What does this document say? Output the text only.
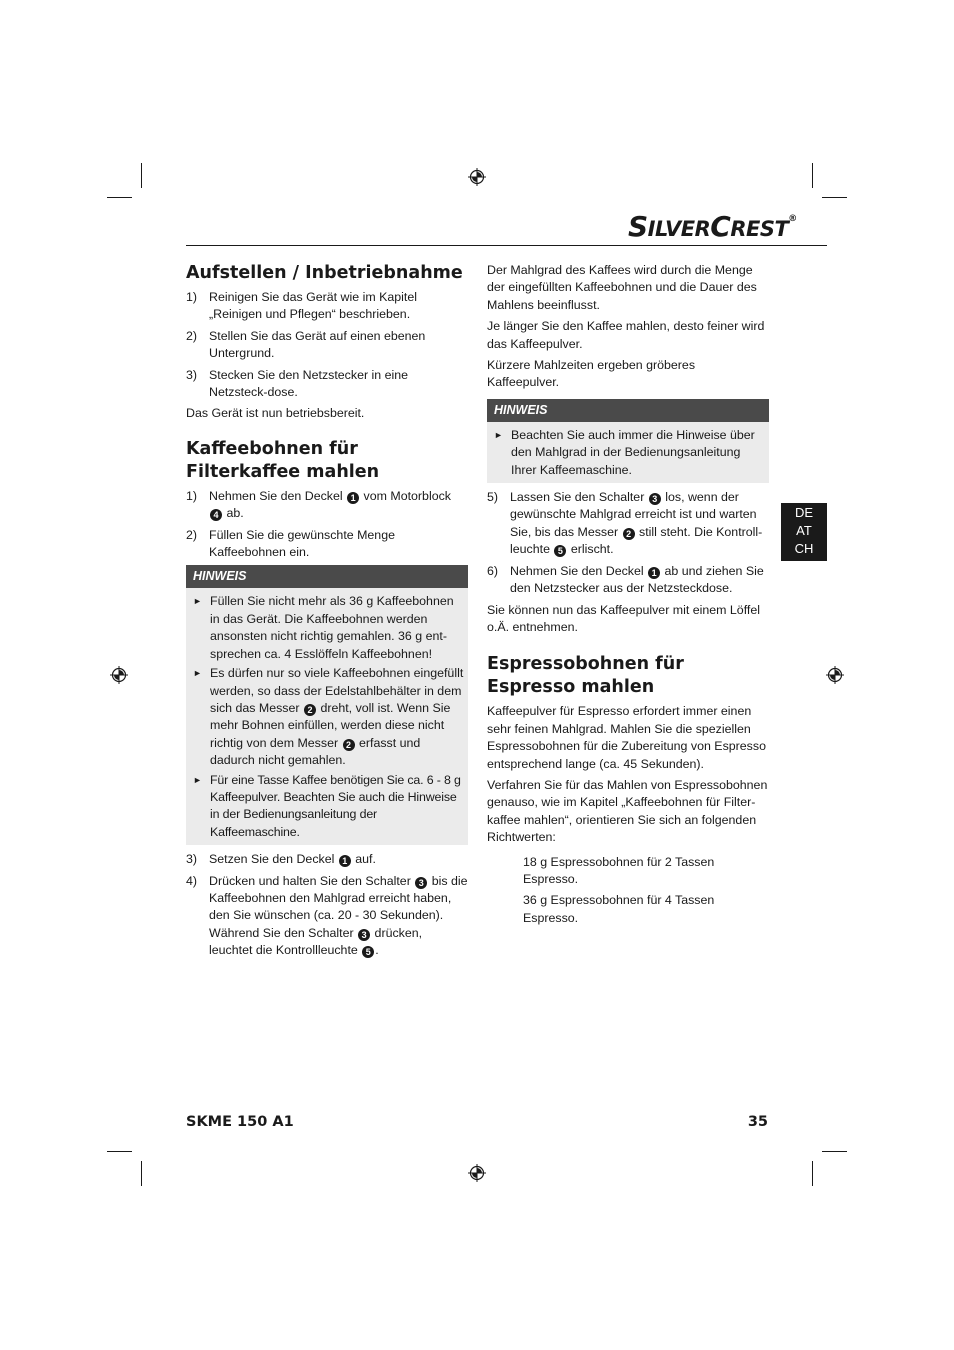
SILVERCREST®
DE
AT
CH
Aufstellen / Inbetriebnahme
1) Reinigen Sie das Gerät wie im Kapitel „Reinigen und Pflegen“ beschrieben.
2) Stellen Sie das Gerät auf einen ebenen Untergrund.
3) Stecken Sie den Netzstecker in eine Netzsteck-dose.

Das Gerät ist nun betriebsbereit.

Kaffeebohnen für Filterkaffee mahlen
1) Nehmen Sie den Deckel 1 vom Motorblock 4 ab.
2) Füllen Sie die gewünschte Menge Kaffeebohnen ein.
HINWEIS
► Füllen Sie nicht mehr als 36 g Kaffeebohnen in das Gerät. Die Kaffeebohnen werden ansonsten nicht richtig gemahlen. 36 g ent-sprechen ca. 4 Esslöffeln Kaffeebohnen!
► Es dürfen nur so viele Kaffeebohnen eingefüllt werden, so dass der Edelstahlbehälter in dem sich das Messer 2 dreht, voll ist. Wenn Sie mehr Bohnen einfüllen, werden diese nicht richtig von dem Messer 2 erfasst und dadurch nicht gemahlen.
► Für eine Tasse Kaffee benötigen Sie ca. 6 - 8 g Kaffeepulver. Beachten Sie auch die Hinweise in der Bedienungsanleitung der Kaffeemaschine.
3) Setzen Sie den Deckel 1 auf.
4) Drücken und halten Sie den Schalter 3 bis die Kaffeebohnen den Mahlgrad erreicht haben, den Sie wünschen (ca. 20 - 30 Sekunden). Während Sie den Schalter 3 drücken, leuchtet die Kontrollleuchte 5 .

Der Mahlgrad des Kaffees wird durch die Menge der eingefüllten Kaffeebohnen und die Dauer des Mahlens beeinflusst.

Je länger Sie den Kaffee mahlen, desto feiner wird das Kaffeepulver.

Kürzere Mahlzeiten ergeben gröberes Kaffeepulver.

HINWEIS
► Beachten Sie auch immer die Hinweise über den Mahlgrad in der Bedienungsanleitung Ihrer Kaffeemaschine.
5) Lassen Sie den Schalter 3 los, wenn der gewünschte Mahlgrad erreicht ist und warten Sie, bis das Messer 2 still steht. Die Kontroll-leuchte 5 erlischt.
6) Nehmen Sie den Deckel 1 ab und ziehen Sie den Netzstecker aus der Netzsteckdose.

Sie können nun das Kaffeepulver mit einem Löffel o.Ä. entnehmen.

Espressobohnen für Espresso mahlen

Kaffeepulver für Espresso erfordert immer einen sehr feinen Mahlgrad. Mahlen Sie die speziellen Espressobohnen für die Zubereitung von Espresso entsprechend lange (ca. 45 Sekunden).

Verfahren Sie für das Mahlen von Espressobohnen genauso, wie im Kapitel „Kaffeebohnen für Filter-kaffee mahlen“, orientieren Sie sich an folgenden Richtwerten:

18 g Espressobohnen für 2 Tassen Espresso.
36 g Espressobohnen für 4 Tassen Espresso.
SKME 150 A1	35
